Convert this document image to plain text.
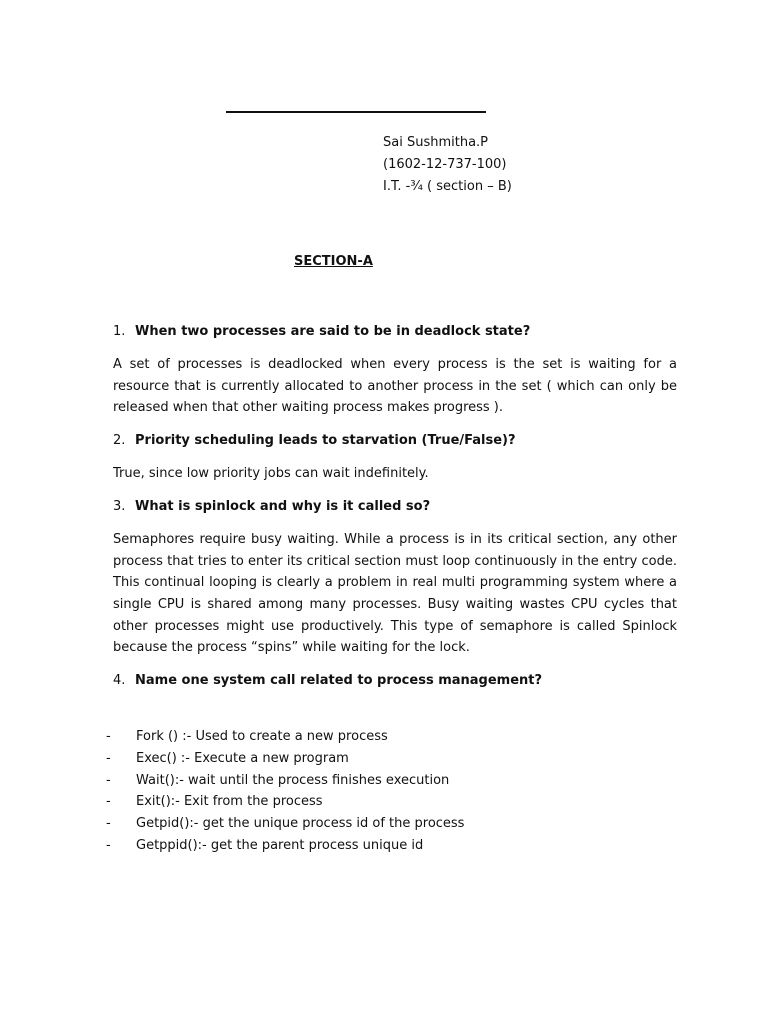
Sai Sushmitha.P
(1602-12-737-100)
I.T. -¾ ( section – B)
SECTION-A
1. When two processes are said to be in deadlock state?

A set of processes is deadlocked when every process is the set is waiting for a resource that is currently allocated to another process in the set ( which can only be released when that other waiting process makes progress ).

2. Priority scheduling leads to starvation (True/False)?

True, since low priority jobs can wait indefinitely.

3. What is spinlock and why is it called so?

Semaphores require busy waiting. While a process is in its critical section, any other process that tries to enter its critical section must loop continuously in the entry code. This continual looping is clearly a problem in real multi programming system where a single CPU is shared among many processes. Busy waiting wastes CPU cycles that other processes might use productively. This type of semaphore is called Spinlock because the process “spins” while waiting for the lock.

4. Name one system call related to process management?
-	Fork () :- Used to create a new process
-	Exec() :- Execute a new program
-	Wait():- wait until the process finishes execution
-	Exit():- Exit from the process
-	Getpid():- get the unique process id of the process
-	Getppid():- get the parent process unique id
